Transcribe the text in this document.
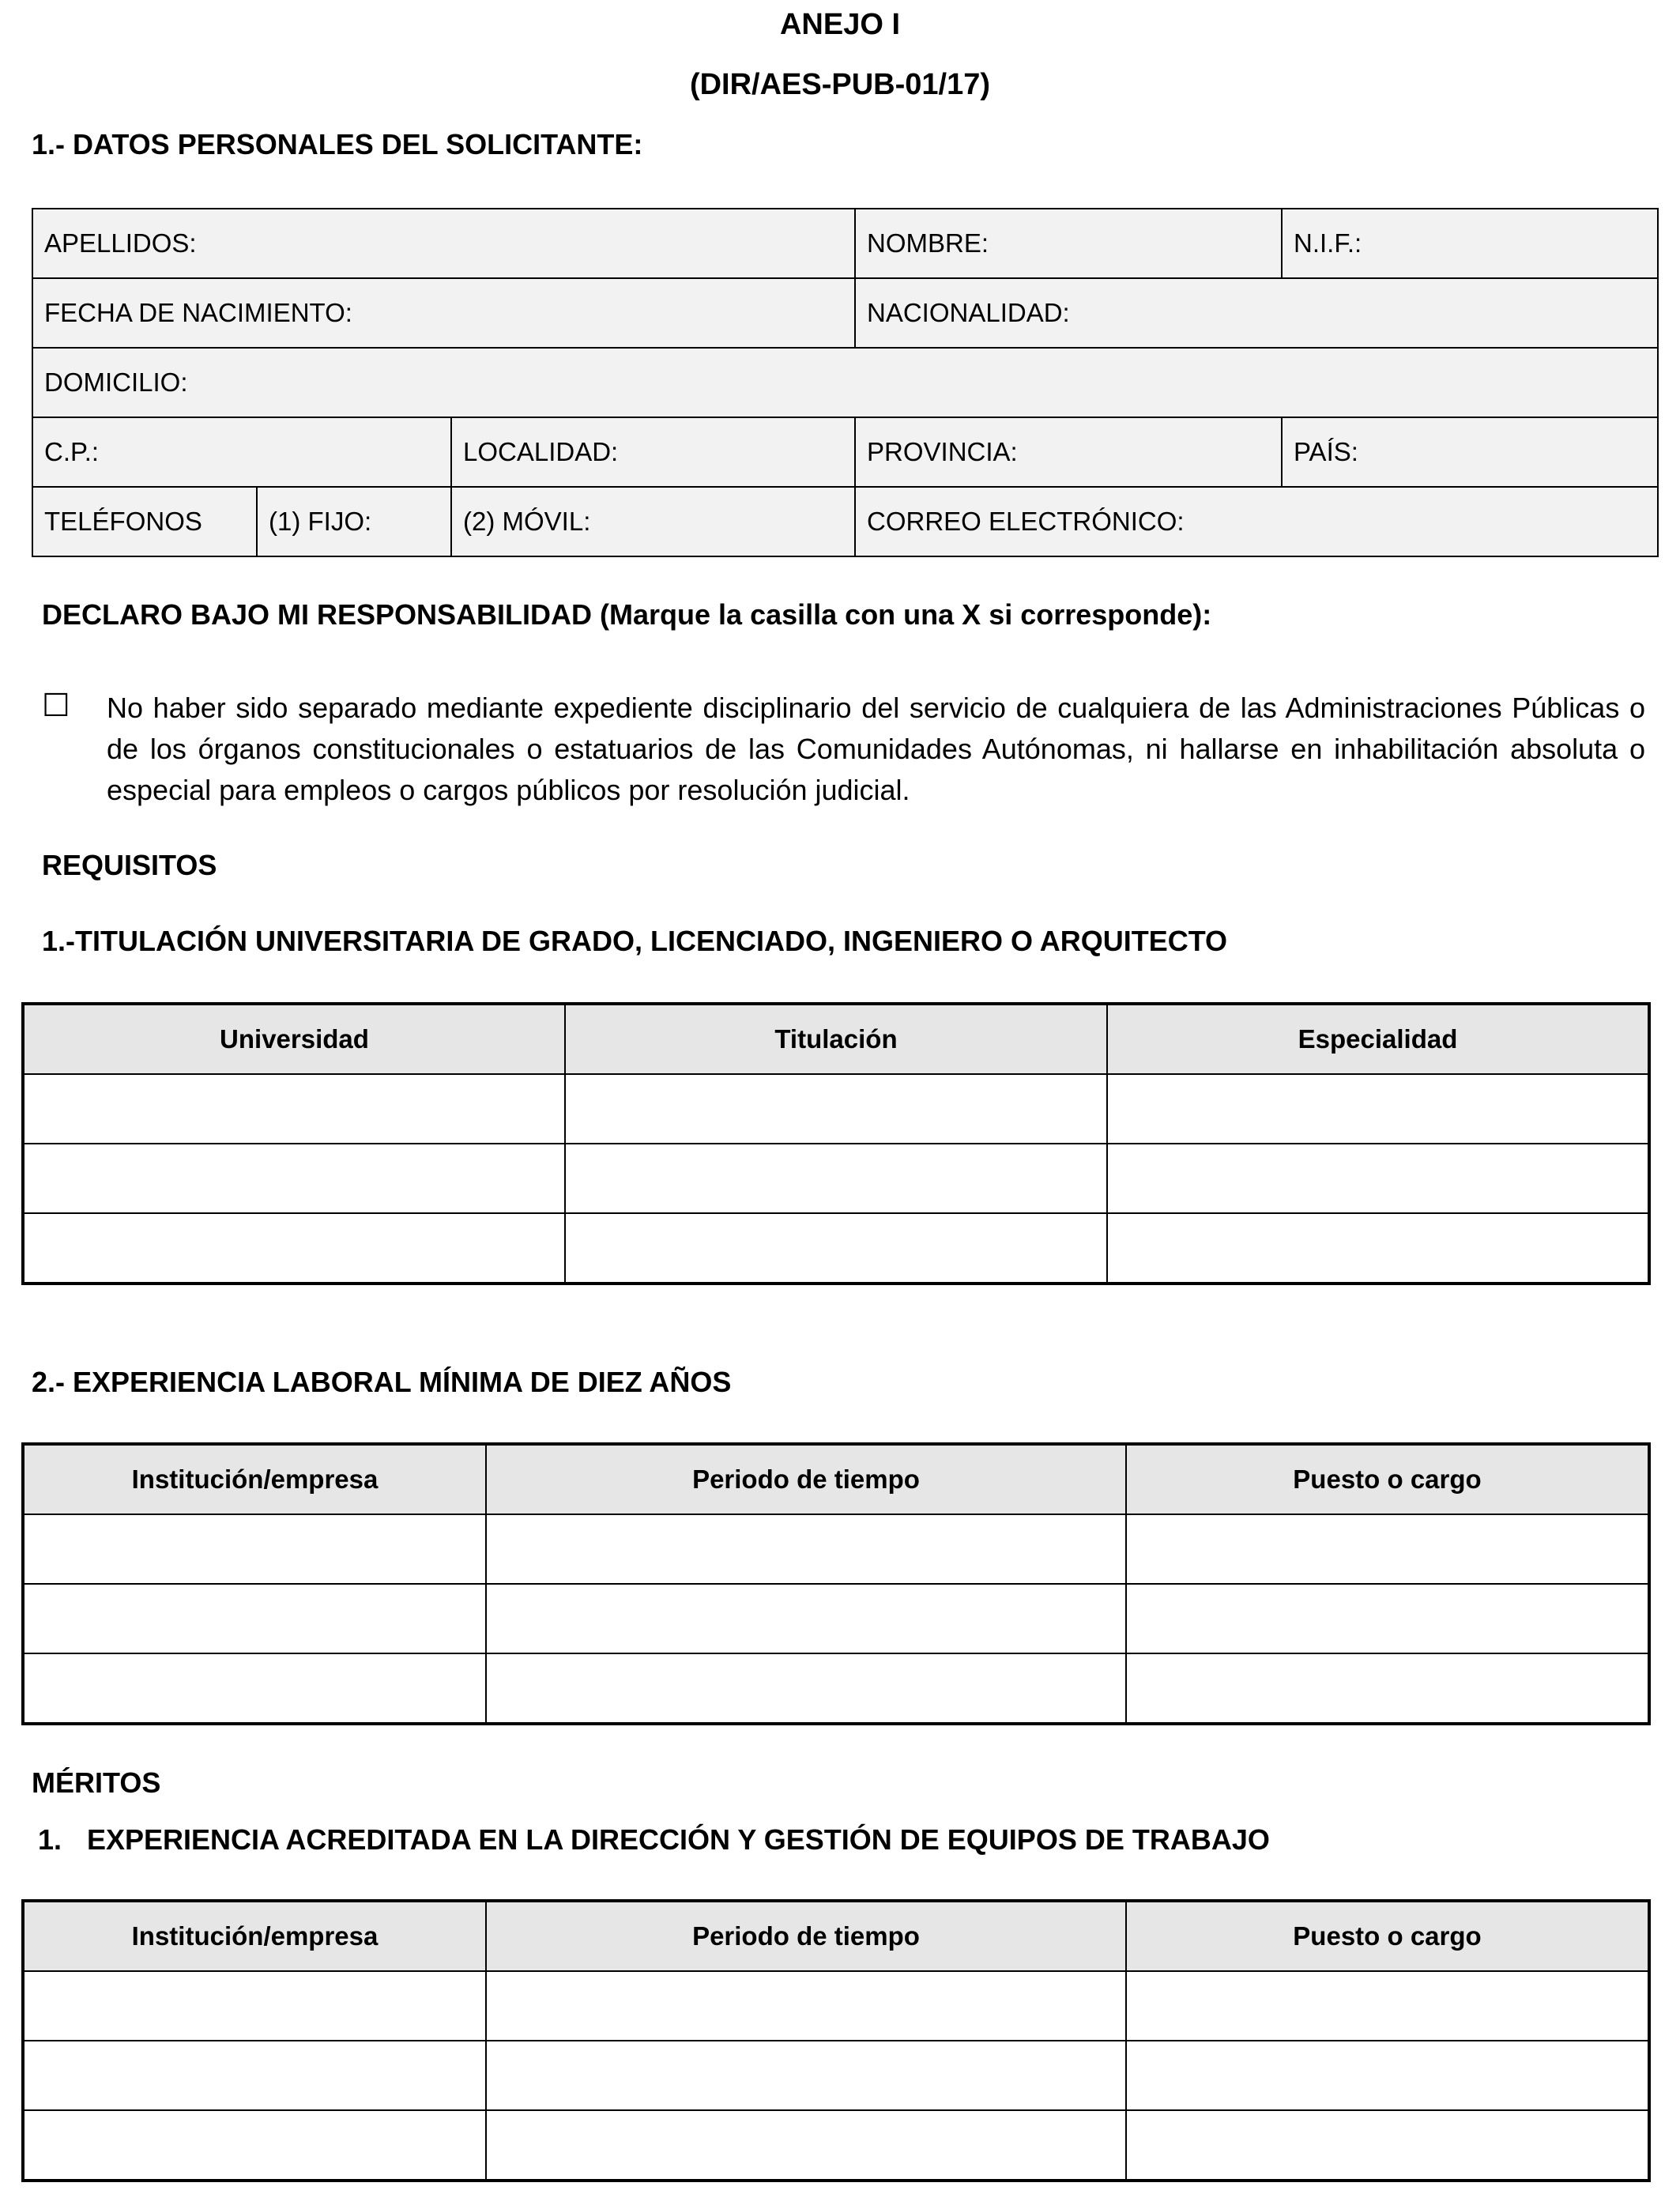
ANEJO I
(DIR/AES-PUB-01/17)
1.- DATOS PERSONALES DEL SOLICITANTE:
APELLIDOS:			NOMBRE:	N.I.F.:
FECHA DE NACIMIENTO:			NACIONALIDAD:	
DOMICILIO:				
C.P.:		LOCALIDAD:	PROVINCIA:	PAÍS:
TELÉFONOS	(1) FIJO:	(2) MÓVIL:	CORREO ELECTRÓNICO:	
DECLARO BAJO MI RESPONSABILIDAD (Marque la casilla con una X si corresponde):
☐ No haber sido separado mediante expediente disciplinario del servicio de cualquiera de las Administraciones Públicas o de los órganos constitucionales o estatuarios de las Comunidades Autónomas, ni hallarse en inhabilitación absoluta o especial para empleos o cargos públicos por resolución judicial.
REQUISITOS
1.-TITULACIÓN UNIVERSITARIA DE GRADO, LICENCIADO, INGENIERO O ARQUITECTO
Universidad	Titulación	Especialidad

2.- EXPERIENCIA LABORAL MÍNIMA DE DIEZ AÑOS
Institución/empresa	Periodo de tiempo	Puesto o cargo

MÉRITOS
1. EXPERIENCIA ACREDITADA EN LA DIRECCIÓN Y GESTIÓN DE EQUIPOS DE TRABAJO
Institución/empresa	Periodo de tiempo	Puesto o cargo
